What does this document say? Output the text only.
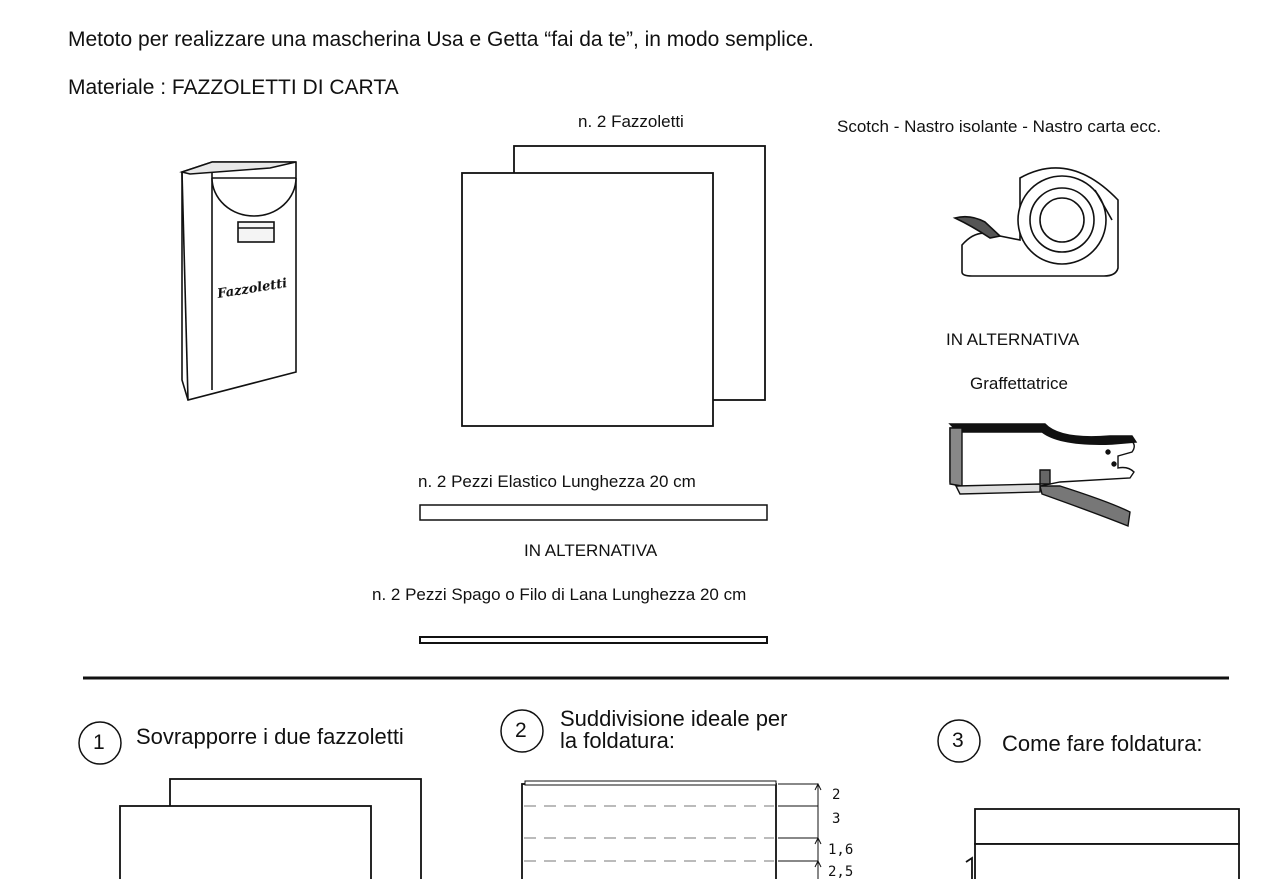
Metoto per realizzare una mascherina Usa e Getta “fai da te”, in modo semplice.
Materiale : FAZZOLETTI DI CARTA
Fazzoletti
n. 2 Fazzoletti	Scotch - Nastro isolante - Nastro carta ecc.
IN ALTERNATIVA
Graffettatrice
n. 2 Pezzi Elastico Lunghezza 20 cm
IN ALTERNATIVA
n. 2 Pezzi Spago o Filo di Lana Lunghezza 20 cm
1 Sovrapporre i due fazzoletti	2 Suddivisione ideale per
la foldatura:
2
3
1,6
2,5
3 Come fare foldatura:
